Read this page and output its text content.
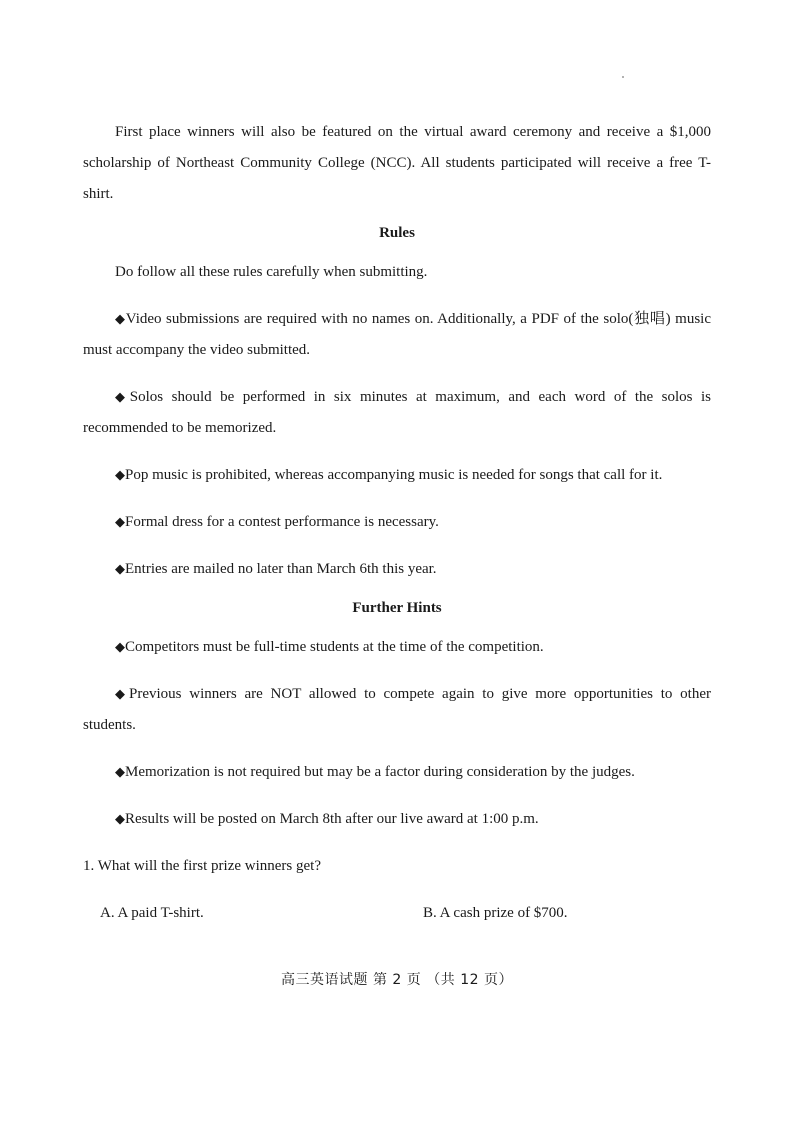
First place winners will also be featured on the virtual award ceremony and receive a $1,000 scholarship of Northeast Community College (NCC). All students participated will receive a free T-shirt.

Rules

Do follow all these rules carefully when submitting.

◆Video submissions are required with no names on. Additionally, a PDF of the solo(独唱) music must accompany the video submitted.

◆Solos should be performed in six minutes at maximum, and each word of the solos is recommended to be memorized.

◆Pop music is prohibited, whereas accompanying music is needed for songs that call for it.

◆Formal dress for a contest performance is necessary.

◆Entries are mailed no later than March 6th this year.

Further Hints

◆Competitors must be full-time students at the time of the competition.

◆Previous winners are NOT allowed to compete again to give more opportunities to other students.

◆Memorization is not required but may be a factor during consideration by the judges.

◆Results will be posted on March 8th after our live award at 1:00 p.m.

1. What will the first prize winners get?

A. A paid T-shirt.	B. A cash prize of $700.
高三英语试题 第 2 页 （共 12 页）
